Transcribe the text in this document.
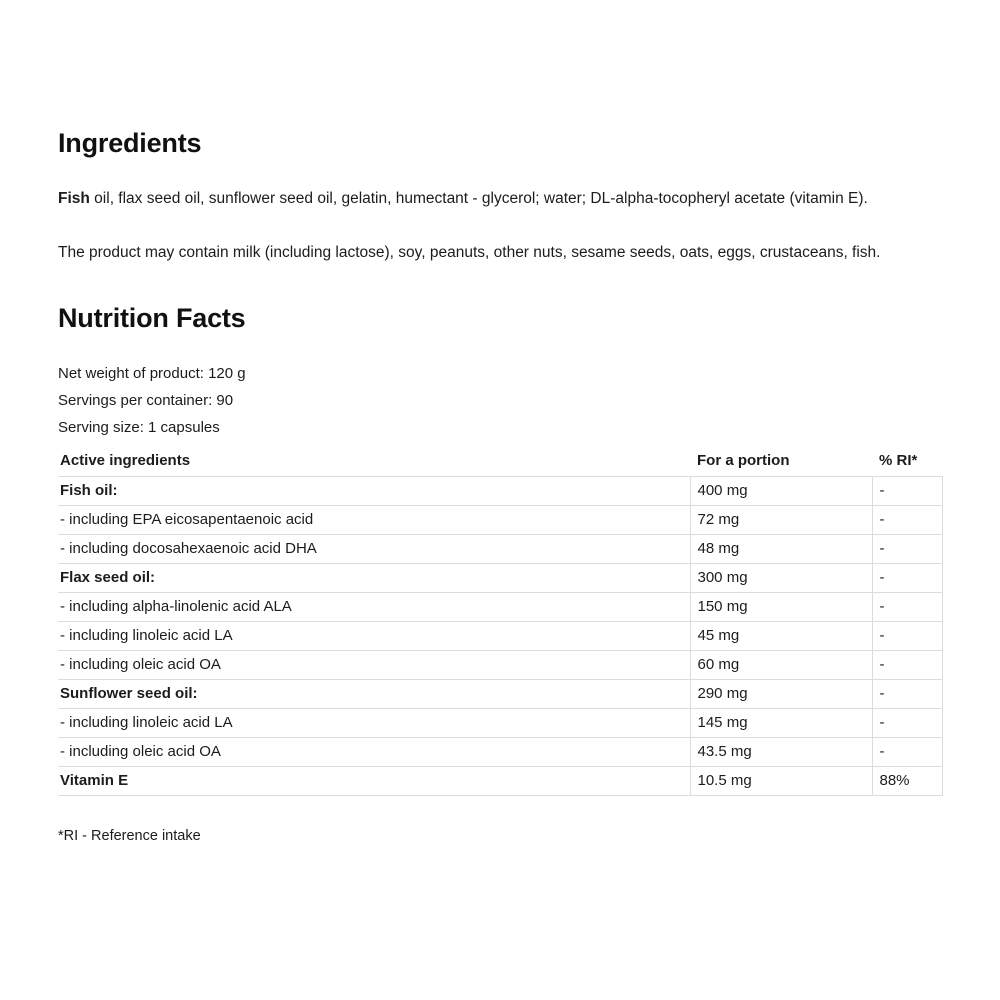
Ingredients

Fish oil, flax seed oil, sunflower seed oil, gelatin, humectant - glycerol; water; DL-alpha-tocopheryl acetate (vitamin E).

The product may contain milk (including lactose), soy, peanuts, other nuts, sesame seeds, oats, eggs, crustaceans, fish.

Nutrition Facts
Net weight of product: 120 g
Servings per container: 90
Serving size: 1 capsules
Active ingredients	For a portion	% RI*
Fish oil:	400 mg	-
- including EPA eicosapentaenoic acid	72 mg	-
- including docosahexaenoic acid DHA	48 mg	-
Flax seed oil:	300 mg	-
- including alpha-linolenic acid ALA	150 mg	-
- including linoleic acid LA	45 mg	-
- including oleic acid OA	60 mg	-
Sunflower seed oil:	290 mg	-
- including linoleic acid LA	145 mg	-
- including oleic acid OA	43.5 mg	-
Vitamin E	10.5 mg	88%
*RI - Reference intake
